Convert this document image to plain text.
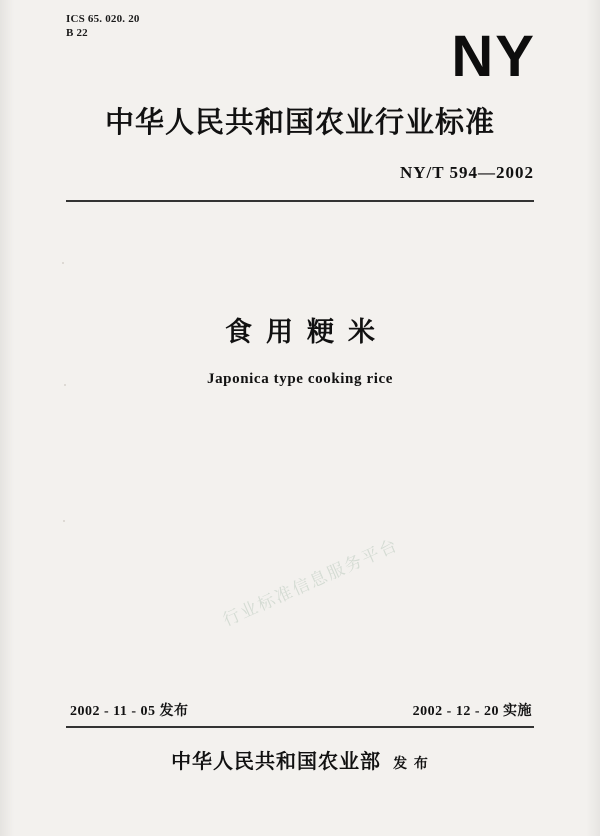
ICS 65. 020. 20
B 22	NY
中华人民共和国农业行业标准
NY/T 594—2002
食用粳米
Japonica type cooking rice
行业标准信息服务平台
2002 - 11 - 05 发布	2002 - 12 - 20 实施
中华人民共和国农业部 发 布
